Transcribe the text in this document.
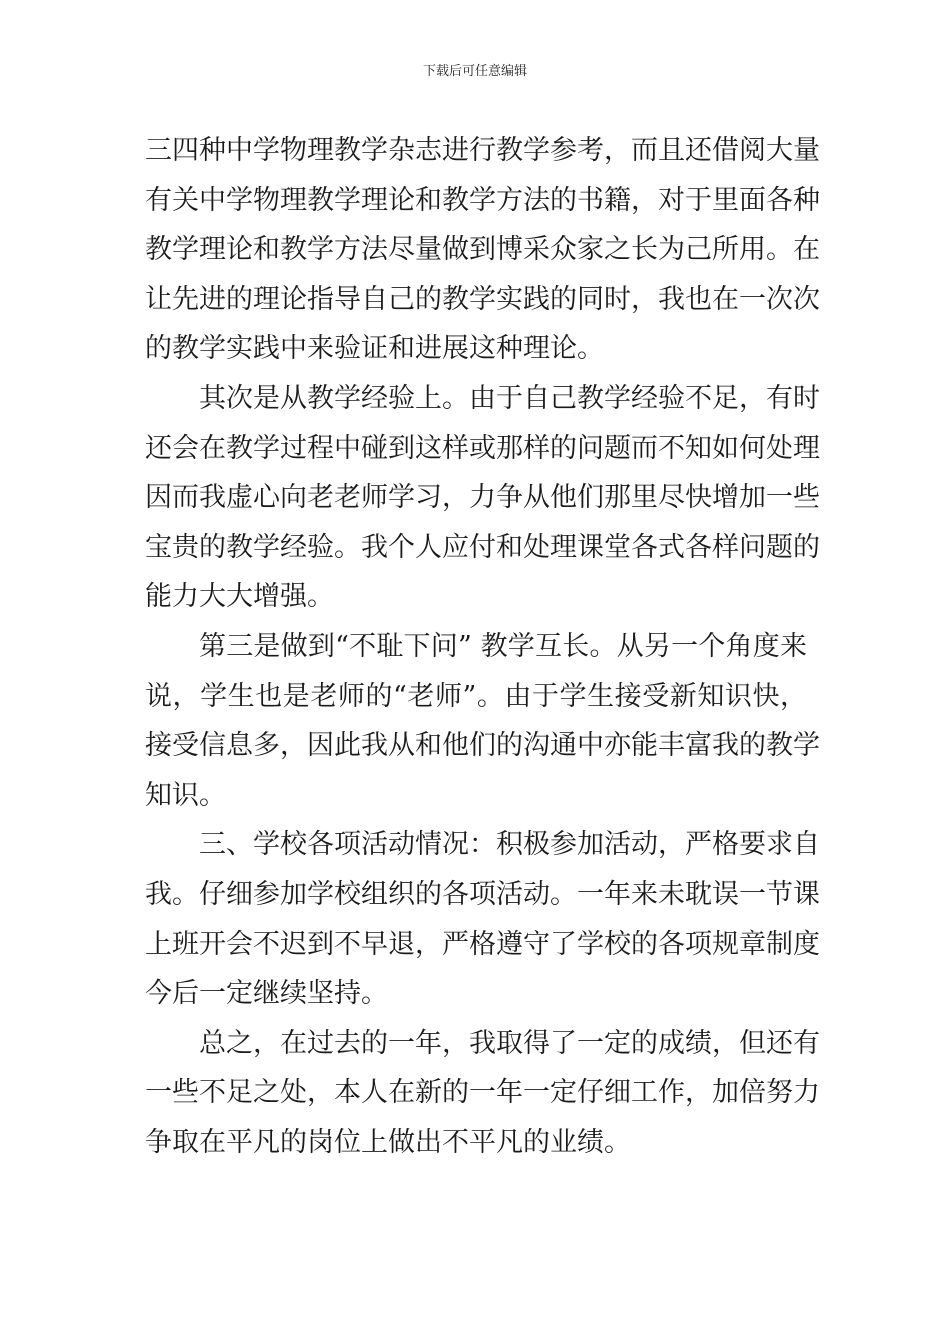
下载后可任意编辑
三四种中学物理教学杂志进行教学参考，而且还借阅大量
有关中学物理教学理论和教学方法的书籍，对于里面各种
教学理论和教学方法尽量做到博采众家之长为己所用。在
让先进的理论指导自己的教学实践的同时，我也在一次次
的教学实践中来验证和进展这种理论。
其次是从教学经验上。由于自己教学经验不足，有时
还会在教学过程中碰到这样或那样的问题而不知如何处理
因而我虚心向老老师学习，力争从他们那里尽快增加一些
宝贵的教学经验。我个人应付和处理课堂各式各样问题的
能力大大增强。
第三是做到“不耻下问” 教学互长。从另一个角度来
说，学生也是老师的“老师”。由于学生接受新知识快，
接受信息多，因此我从和他们的沟通中亦能丰富我的教学
知识。
三、学校各项活动情况：积极参加活动，严格要求自
我。仔细参加学校组织的各项活动。一年来未耽误一节课
上班开会不迟到不早退，严格遵守了学校的各项规章制度
今后一定继续坚持。
总之，在过去的一年，我取得了一定的成绩，但还有
一些不足之处，本人在新的一年一定仔细工作，加倍努力
争取在平凡的岗位上做出不平凡的业绩。
